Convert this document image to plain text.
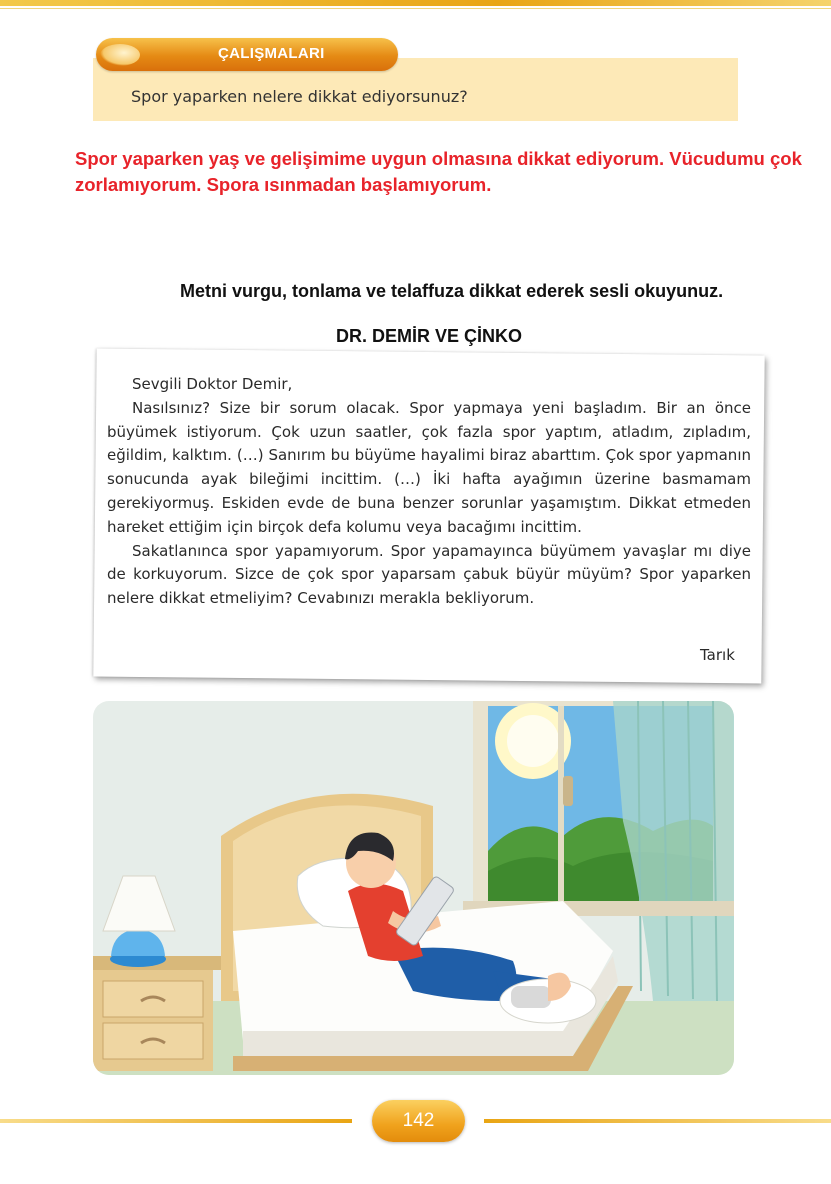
ÇALIŞMALARI
Spor yaparken nelere dikkat ediyorsunuz?
Spor yaparken yaş ve gelişimime uygun olmasına dikkat ediyorum. Vücudumu çok zorlamıyorum. Spora ısınmadan başlamıyorum.
Metni vurgu, tonlama ve telaffuza dikkat ederek sesli okuyunuz.
DR. DEMİR VE ÇİNKO

Sevgili Doktor Demir,

Nasılsınız? Size bir sorum olacak. Spor yapmaya yeni başladım. Bir an önce büyümek istiyorum. Çok uzun saatler, çok fazla spor yaptım, atladım, zıpladım, eğildim, kalktım. (…) Sanırım bu büyüme hayalimi biraz abarttım. Çok spor yapmanın sonucunda ayak bileğimi incittim. (…) İki hafta ayağımın üzerine basmamam gerekiyormuş. Eskiden evde de buna benzer sorunlar yaşamıştım. Dikkat etmeden hareket ettiğim için birçok defa kolumu veya bacağımı incittim.

Sakatlanınca spor yapamıyorum. Spor yapamayınca büyümem yavaşlar mı diye de korkuyorum. Sizce de çok spor yaparsam çabuk büyür müyüm? Spor yaparken nelere dikkat etmeliyim? Cevabınızı merakla bekliyorum.

Tarık
142
